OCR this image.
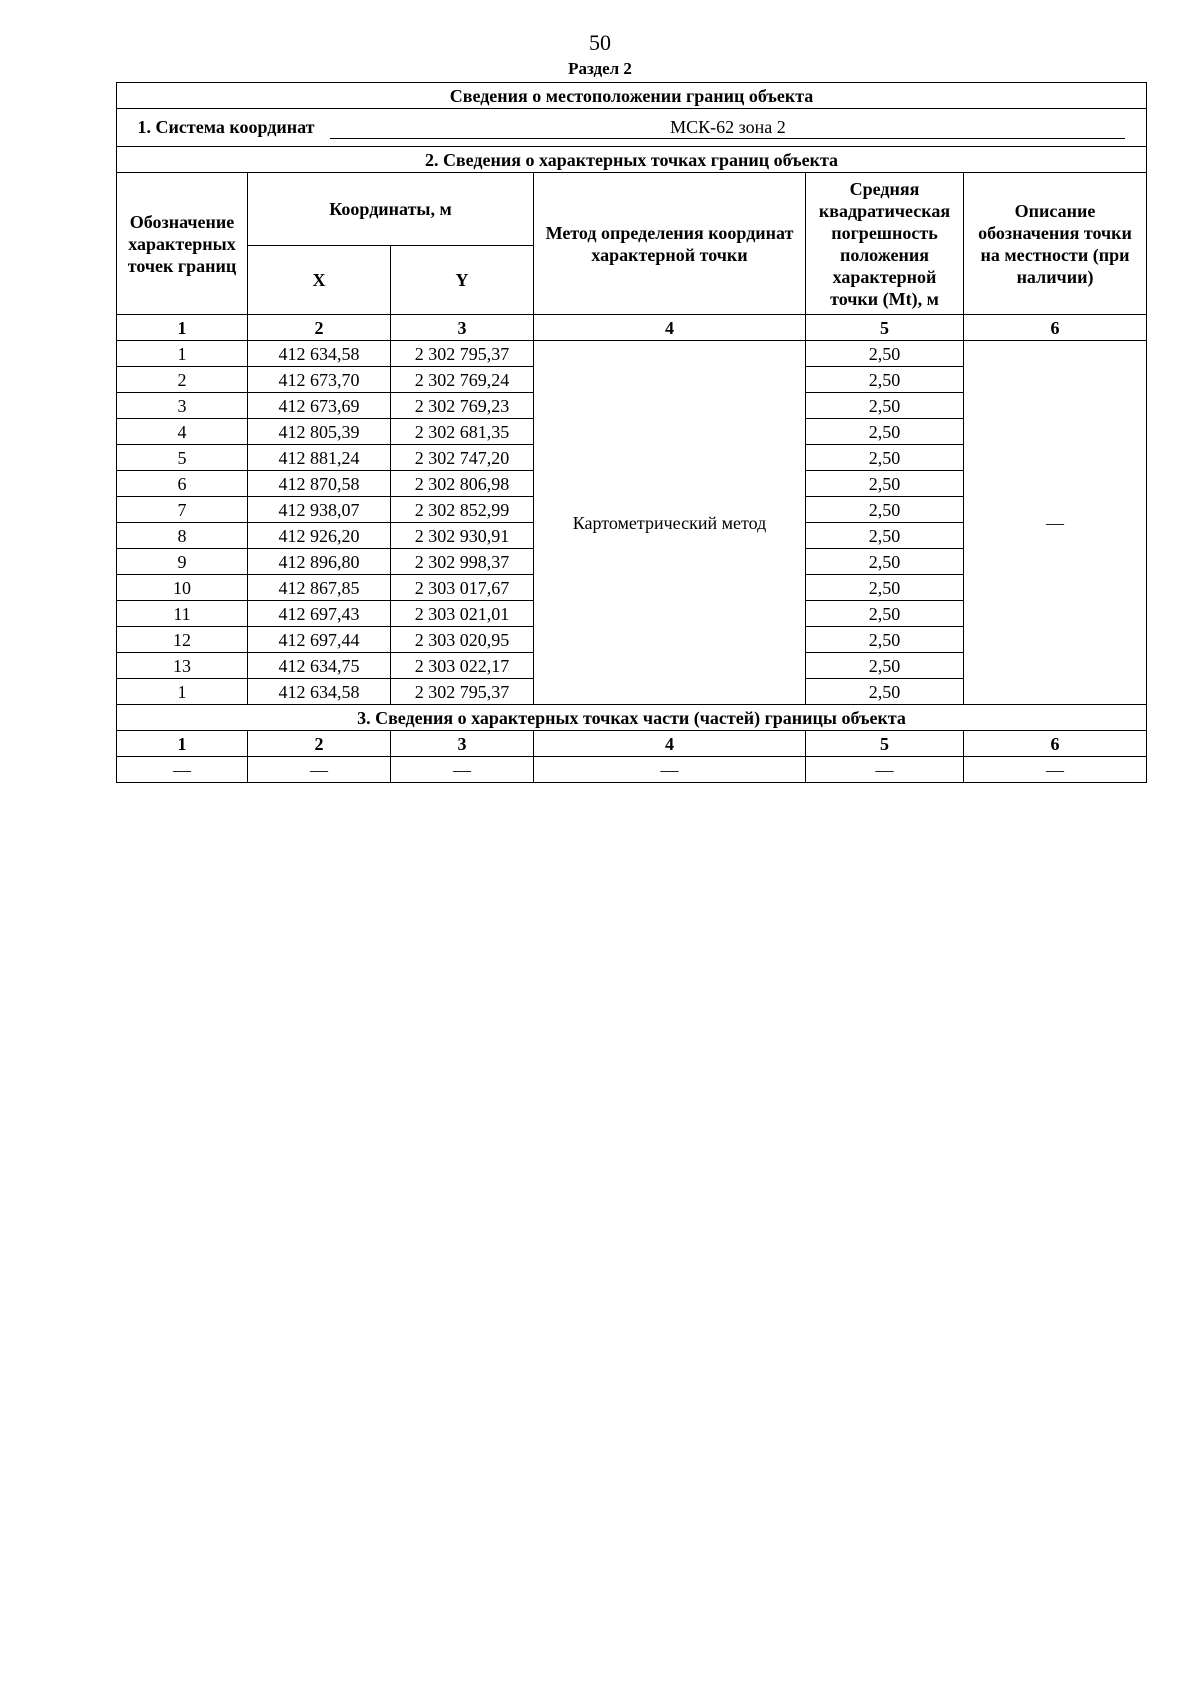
50
Раздел 2
Сведения о местоположении границ объекта					
1. Система координат МСК-62 зона 2					
2. Сведения о характерных точках границ объекта					
Обозначение характерных точек границ	Координаты, м		Метод определения координат характерной точки	Средняя квадратическая погрешность положения характерной точки (Mt), м	Описание обозначения точки на местности (при наличии)
	X	Y			
1	2	3	4	5	6
1	412 634,58	2 302 795,37	Картометрический метод	2,50	—
2	412 673,70	2 302 769,24		2,50	
3	412 673,69	2 302 769,23		2,50	
4	412 805,39	2 302 681,35		2,50	
5	412 881,24	2 302 747,20		2,50	
6	412 870,58	2 302 806,98		2,50	
7	412 938,07	2 302 852,99		2,50	
8	412 926,20	2 302 930,91		2,50	
9	412 896,80	2 302 998,37		2,50	
10	412 867,85	2 303 017,67		2,50	
11	412 697,43	2 303 021,01		2,50	
12	412 697,44	2 303 020,95		2,50	
13	412 634,75	2 303 022,17		2,50	
1	412 634,58	2 302 795,37		2,50	
3. Сведения о характерных точках части (частей) границы объекта					
1	2	3	4	5	6
—	—	—	—	—	—
